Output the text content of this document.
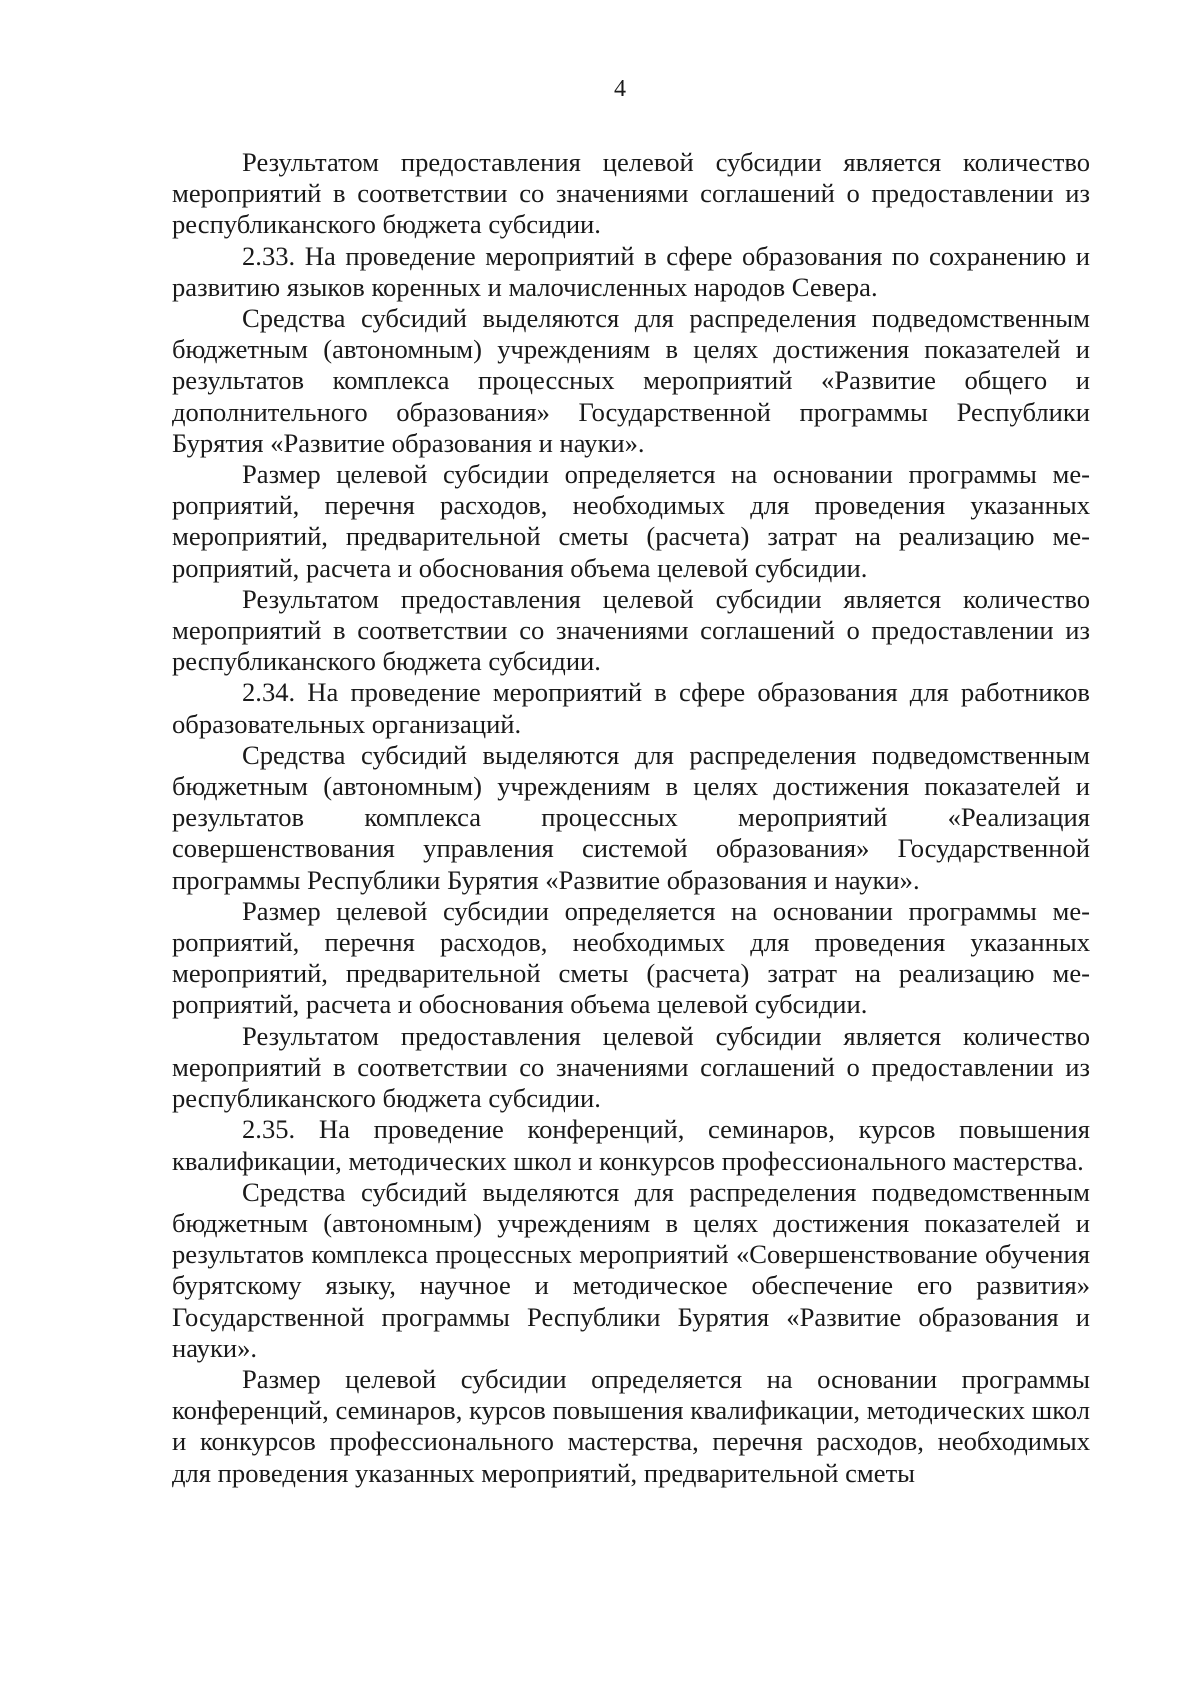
4

Результатом предоставления целевой субсидии является количество мероприятий в соответствии со значениями соглашений о предоставлении из республиканского бюджета субсидии.

2.33. На проведение мероприятий в сфере образования по сохранению и развитию языков коренных и малочисленных народов Севера.

Средства субсидий выделяются для распределения подведомственным бюджетным (автономным) учреждениям в целях достижения показателей и результатов комплекса процессных мероприятий «Развитие общего и дополнительного образования» Государственной программы Республики Бурятия «Развитие образования и науки».

Размер целевой субсидии определяется на основании программы мероприятий, перечня расходов, необходимых для проведения указанных мероприятий, предварительной сметы (расчета) затрат на реализацию мероприятий, расчета и обоснования объема целевой субсидии.

Результатом предоставления целевой субсидии является количество мероприятий в соответствии со значениями соглашений о предоставлении из республиканского бюджета субсидии.

2.34. На проведение мероприятий в сфере образования для работников образовательных организаций.

Средства субсидий выделяются для распределения подведомственным бюджетным (автономным) учреждениям в целях достижения показателей и результатов комплекса процессных мероприятий «Реализация совершенствования управления системой образования» Государственной программы Республики Бурятия «Развитие образования и науки».

Размер целевой субсидии определяется на основании программы мероприятий, перечня расходов, необходимых для проведения указанных мероприятий, предварительной сметы (расчета) затрат на реализацию мероприятий, расчета и обоснования объема целевой субсидии.

Результатом предоставления целевой субсидии является количество мероприятий в соответствии со значениями соглашений о предоставлении из республиканского бюджета субсидии.

2.35. На проведение конференций, семинаров, курсов повышения квалификации, методических школ и конкурсов профессионального мастерства.

Средства субсидий выделяются для распределения подведомственным бюджетным (автономным) учреждениям в целях достижения показателей и результатов комплекса процессных мероприятий «Совершенствование обучения бурятскому языку, научное и методическое обеспечение его развития» Государственной программы Республики Бурятия «Развитие образования и науки».

Размер целевой субсидии определяется на основании программы конференций, семинаров, курсов повышения квалификации, методических школ и конкурсов профессионального мастерства, перечня расходов, необходимых для проведения указанных мероприятий, предварительной сметы
